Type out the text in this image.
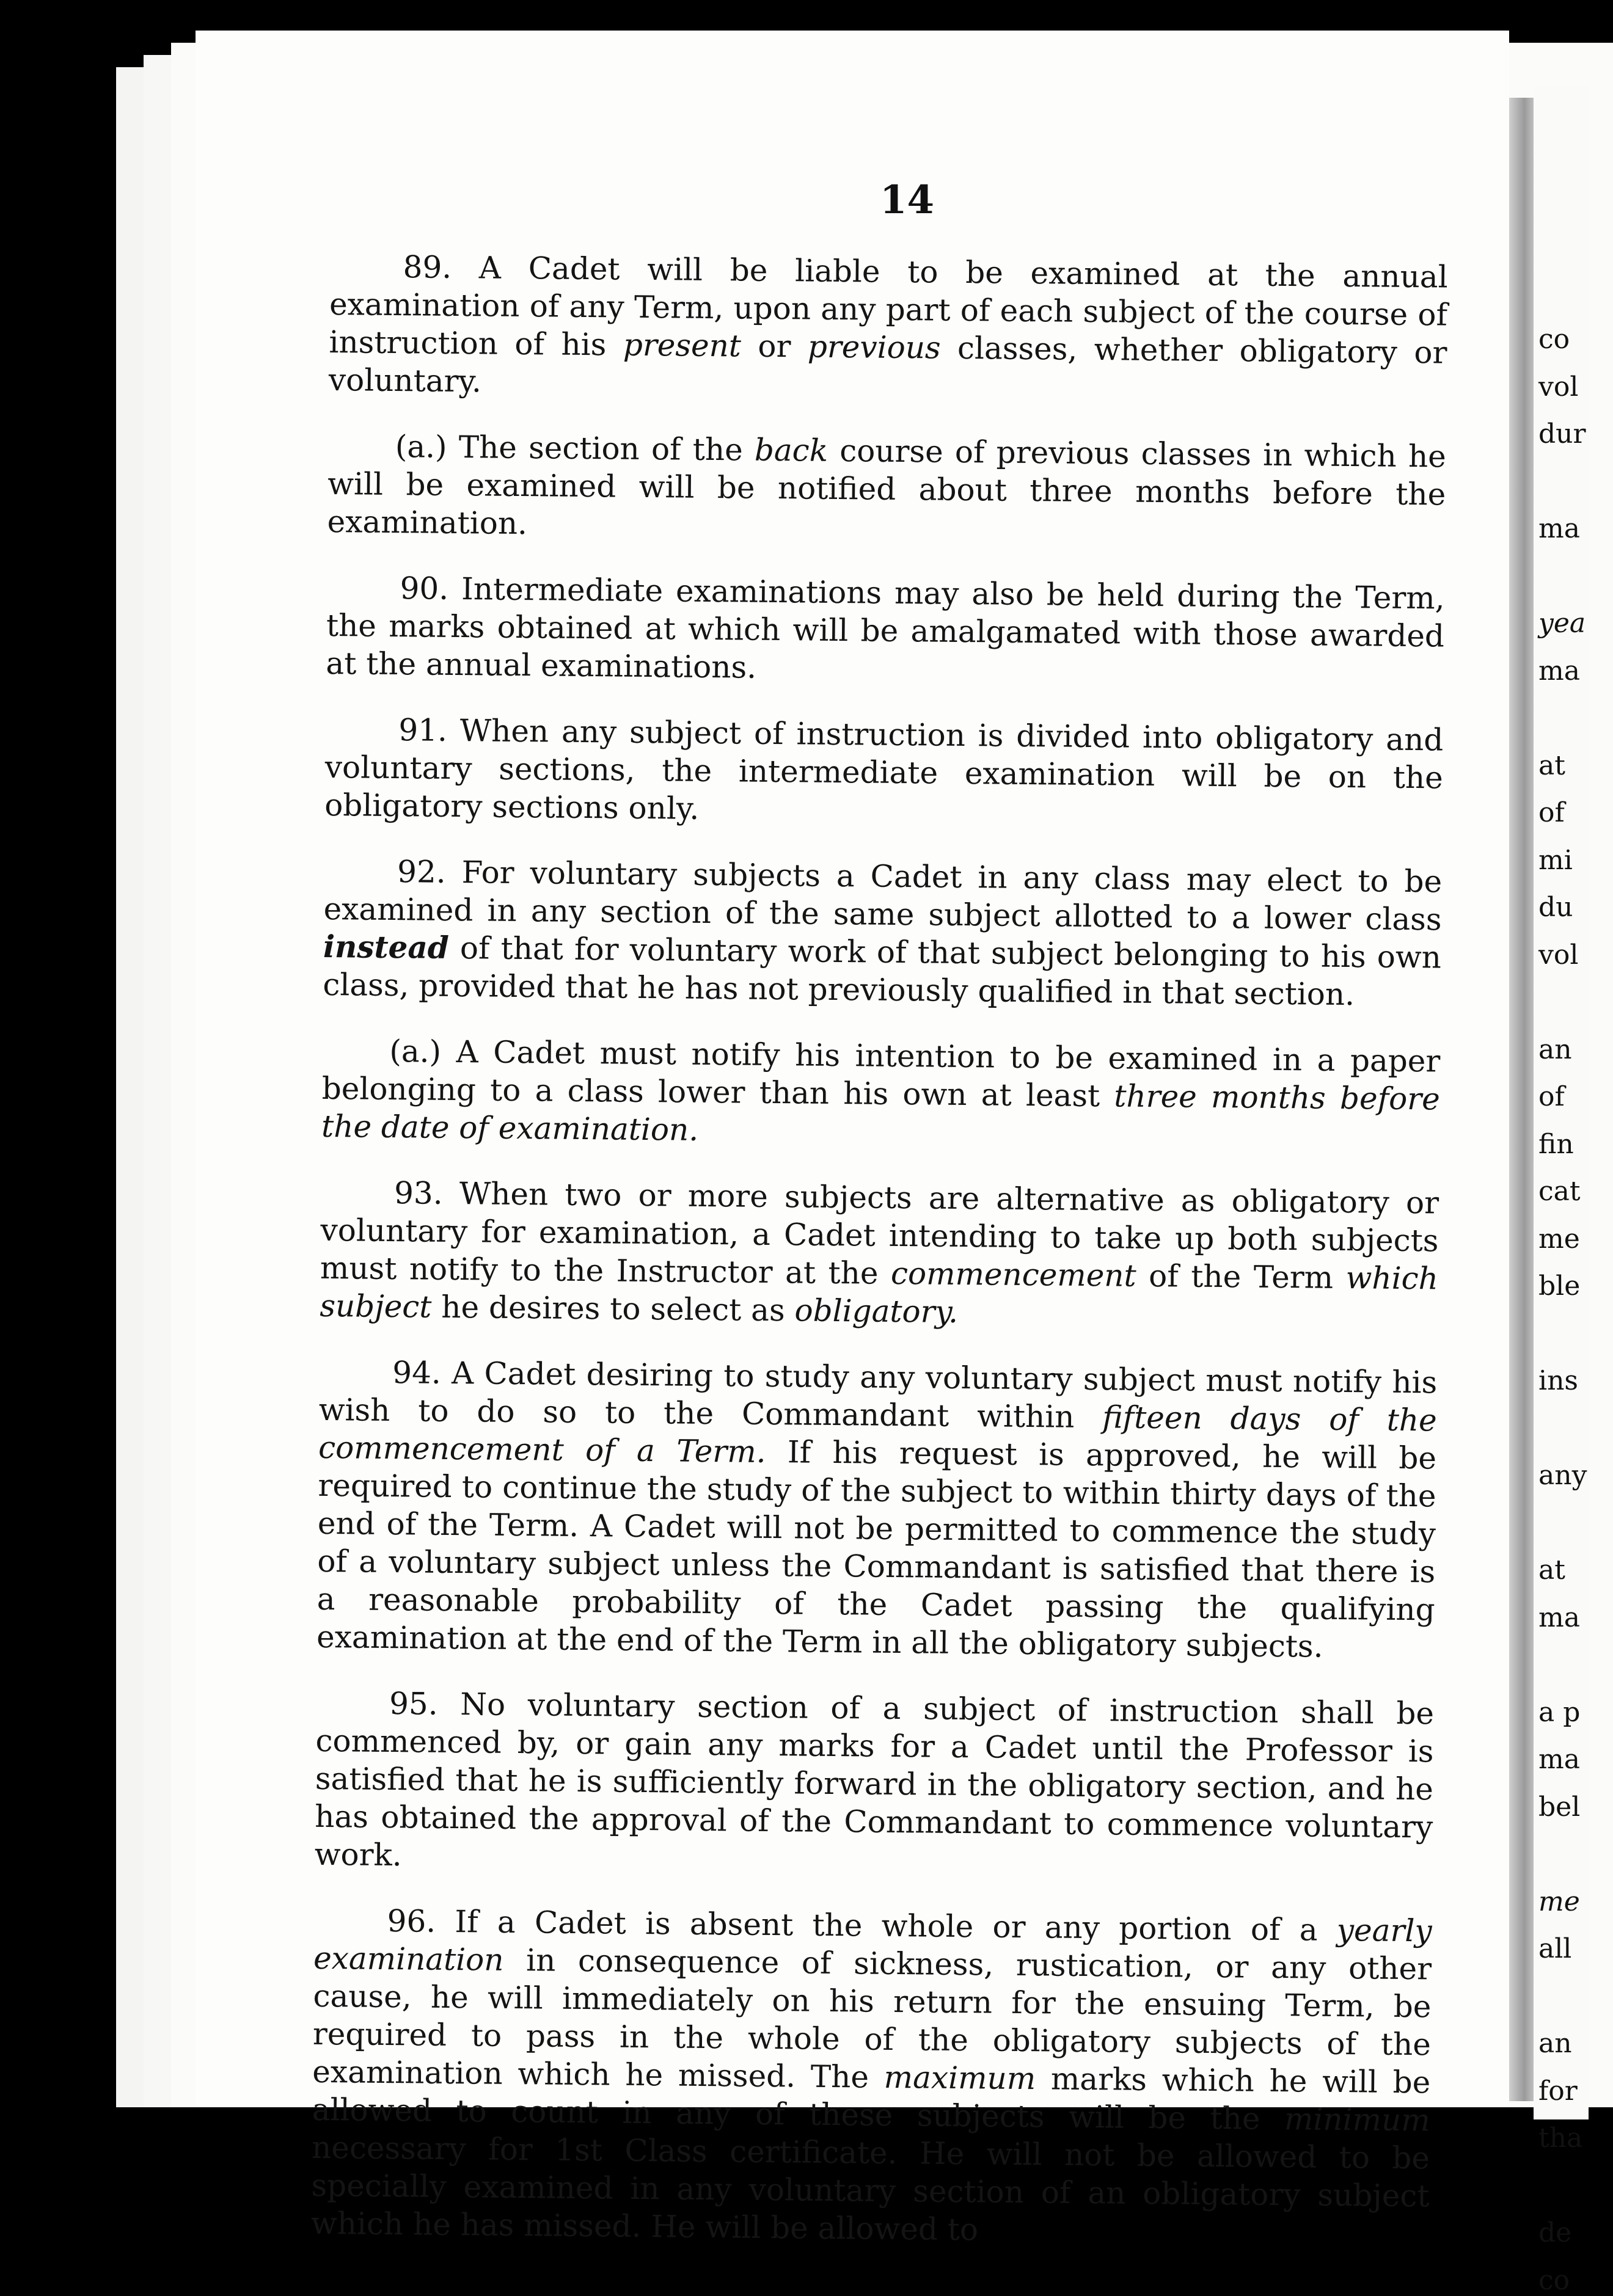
co
vol
dur
ma
yea
ma
at
of
mi
du
vol
an
of
fin
cat
me
ble
ins
any
at
ma
a p
ma
bel
me
all
an
for
tha
de
co
14

89. A Cadet will be liable to be examined at the annual examination of any Term, upon any part of each subject of the course of instruction of his present or previous classes, whether obligatory or voluntary.

(a.) The section of the back course of previous classes in which he will be examined will be notified about three months before the examination.

90. Intermediate examinations may also be held during the Term, the marks obtained at which will be amalgamated with those awarded at the annual examinations.

91. When any subject of instruction is divided into obligatory and voluntary sections, the intermediate examination will be on the obligatory sections only.

92. For voluntary subjects a Cadet in any class may elect to be examined in any section of the same subject allotted to a lower class instead of that for voluntary work of that subject belonging to his own class, provided that he has not previously qualified in that section.

(a.) A Cadet must notify his intention to be examined in a paper belonging to a class lower than his own at least three months before the date of examination.

93. When two or more subjects are alternative as obligatory or voluntary for examination, a Cadet intending to take up both subjects must notify to the Instructor at the commencement of the Term which subject he desires to select as obligatory.

94. A Cadet desiring to study any voluntary subject must notify his wish to do so to the Commandant within fifteen days of the commencement of a Term. If his request is approved, he will be required to continue the study of the subject to within thirty days of the end of the Term. A Cadet will not be permitted to commence the study of a voluntary subject unless the Commandant is satisfied that there is a reasonable probability of the Cadet passing the qualifying examination at the end of the Term in all the obligatory subjects.

95. No voluntary section of a subject of instruction shall be commenced by, or gain any marks for a Cadet until the Professor is satisfied that he is sufficiently forward in the obligatory section, and he has obtained the approval of the Commandant to commence voluntary work.

96. If a Cadet is absent the whole or any portion of a yearly examination in consequence of sickness, rustication, or any other cause, he will immediately on his return for the ensuing Term, be required to pass in the whole of the obligatory subjects of the examination which he missed. The maximum marks which he will be allowed to count in any of these subjects will be the minimum necessary for 1st Class certificate. He will not be allowed to be specially examined in any voluntary section of an obligatory subject which he has missed. He will be allowed to
